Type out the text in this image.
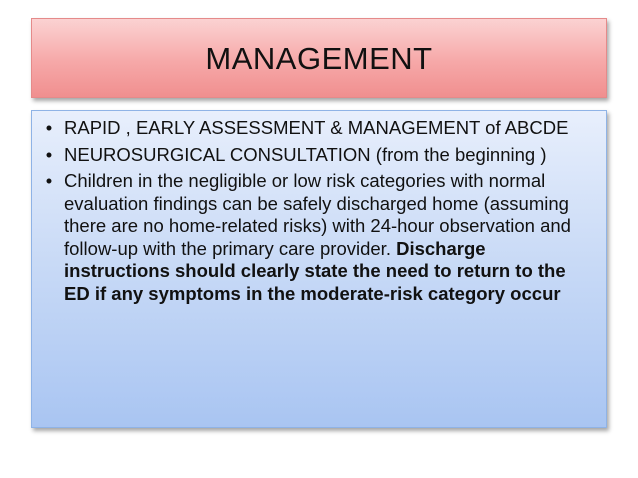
MANAGEMENT
• RAPID , EARLY ASSESSMENT & MANAGEMENT of ABCDE
• NEUROSURGICAL CONSULTATION (from the beginning )
• Children in the negligible or low risk categories with normal evaluation findings can be safely discharged home (assuming there are no home-related risks) with 24-hour observation and follow-up with the primary care provider. Discharge instructions should clearly state the need to return to the ED if any symptoms in the moderate-risk category occur
